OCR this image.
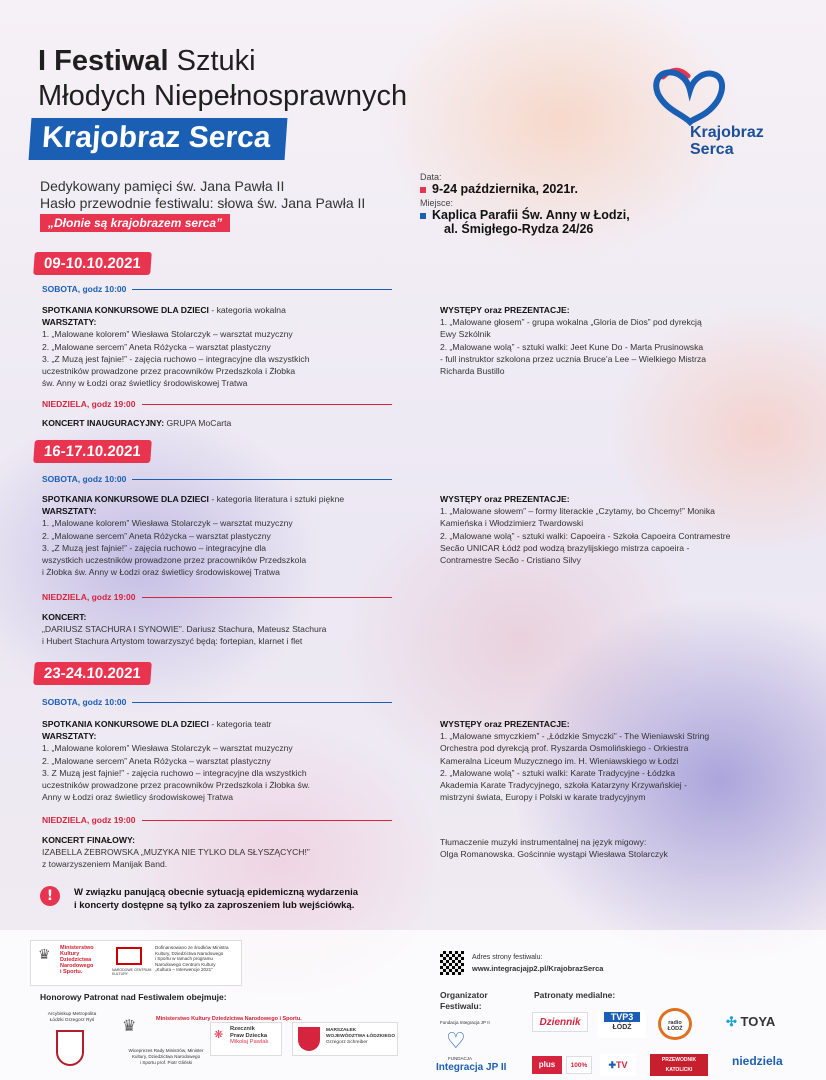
I Festiwal Sztuki
Młodych Niepełnosprawnych
Krajobraz Serca	Krajobraz
Serca
Dedykowany pamięci św. Jana Pawła II
Hasło przewodnie festiwalu: słowa św. Jana Pawła II
„Dłonie są krajobrazem serca”
Data:
9-24 października, 2021r.
Miejsce:
Kaplica Parafii Św. Anny w Łodzi,
al. Śmigłego-Rydza 24/26
09-10.10.2021
SOBOTA, godz 10:00
SPOTKANIA KONKURSOWE DLA DZIECI - kategoria wokalna
WARSZTATY:
1. „Malowane kolorem” Wiesława Stolarczyk – warsztat muzyczny
2. „Malowane sercem” Aneta Różycka – warsztat plastyczny
3. „Z Muzą jest fajnie!” - zajęcia ruchowo – integracyjne dla wszystkich
uczestników prowadzone przez pracowników Przedszkola i Żłobka
św. Anny w Łodzi oraz świetlicy środowiskowej Tratwa
WYSTĘPY oraz PREZENTACJE:
1. „Malowane głosem” - grupa wokalna „Gloria de Dios” pod dyrekcją
Ewy Szkólnik
2. „Malowane wolą” - sztuki walki: Jeet Kune Do - Marta Prusinowska
- full instruktor szkolona przez ucznia Bruce’a Lee – Wielkiego Mistrza
Richarda Bustillo
NIEDZIELA, godz 19:00
KONCERT INAUGURACYJNY: GRUPA MoCarta
16-17.10.2021
SOBOTA, godz 10:00
SPOTKANIA KONKURSOWE DLA DZIECI - kategoria literatura i sztuki piękne
WARSZTATY:
1. „Malowane kolorem” Wiesława Stolarczyk – warsztat muzyczny
2. „Malowane sercem” Aneta Różycka – warsztat plastyczny
3. „Z Muzą jest fajnie!” - zajęcia ruchowo – integracyjne dla
wszystkich uczestników prowadzone przez pracowników Przedszkola
i Żłobka św. Anny w Łodzi oraz świetlicy środowiskowej Tratwa
WYSTĘPY oraz PREZENTACJE:
1. „Malowane słowem” – formy literackie „Czytamy, bo Chcemy!” Monika
Kamieńska i Włodzimierz Twardowski
2. „Malowane wolą” - sztuki walki: Capoeira - Szkoła Capoeira Contramestre
Secão UNICAR Łódź pod wodzą brazylijskiego mistrza capoeira -
Contramestre Secão - Cristiano Silvy
NIEDZIELA, godz 19:00
KONCERT:
„DARIUSZ STACHURA I SYNOWIE”. Dariusz Stachura, Mateusz Stachura
i Hubert Stachura Artystom towarzyszyć będą: fortepian, klarnet i flet
23-24.10.2021
SOBOTA, godz 10:00
SPOTKANIA KONKURSOWE DLA DZIECI - kategoria teatr
WARSZTATY:
1. „Malowane kolorem” Wiesława Stolarczyk – warsztat muzyczny
2. „Malowane sercem” Aneta Różycka – warsztat plastyczny
3. Z Muzą jest fajnie!” - zajęcia ruchowo – integracyjne dla wszystkich
uczestników prowadzone przez pracowników Przedszkola i Żłobka św.
Anny w Łodzi oraz świetlicy środowiskowej Tratwa
WYSTĘPY oraz PREZENTACJE:
1. „Malowane smyczkiem” - „Łódzkie Smyczki” - The Wieniawski String
Orchestra pod dyrekcją prof. Ryszarda Osmolińskiego - Orkiestra
Kameralna Liceum Muzycznego im. H. Wieniawskiego w Łodzi
2. „Malowane wolą” - sztuki walki: Karate Tradycyjne - Łódzka
Akademia Karate Tradycyjnego, szkoła Katarzyny Krzywańskiej -
mistrzyni świata, Europy i Polski w karate tradycyjnym
NIEDZIELA, godz 19:00
KONCERT FINAŁOWY:
IZABELLA ŻEBROWSKA „MUZYKA NIE TYLKO DLA SŁYSZĄCYCH!”
z towarzyszeniem Manijak Band.
Tłumaczenie muzyki instrumentalnej na język migowy:
Olga Romanowska. Gościnnie wystąpi Wiesława Stolarczyk
!	W związku panującą obecnie sytuacją epidemiczną wydarzenia
i koncerty dostępne są tylko za zaproszeniem lub wejściówką.
♛ Ministerstwo
Kultury
Dziedzictwa
Narodowego
i Sportu.	NARODOWE CENTRUM KULTURY
Dofinansowano ze środków Ministra
Kultury, Dziedzictwa Narodowego
i Sportu w ramach programu
Narodowego Centrum Kultury
„Kultura – Interwencje 2021”
Honorowy Patronat nad Festiwalem obejmuje:
Arcybiskup Metropolita
Łódzki Grzegorz Ryś	♛	Ministerstwo Kultury Dziedzictwa Narodowego i Sportu.
Wiceprezes Rady Ministrów, Minister
Kultury, Dziedzictwa Narodowego
i Sportu prof. Piotr Gliński
❋ Rzecznik
Praw Dziecka
Mikołaj Pawlak
MARSZAŁEK
WOJEWÓDZTWA ŁÓDZKIEGO
Grzegorz Schreiber
Adres strony festiwalu:
www.integracjajp2.pl/KrajobrazSerca
Organizator
Festiwalu:
Fundacja Integracja JP II
♡
FUNDACJA
Integracja JP II
Patronaty medialne:
Dziennik	TVP3
ŁÓDŹ
radio ŁÓDŹ	✣ TOYA
plus	100%	✚TV	PRZEWODNIK KATOLICKI
niedziela
